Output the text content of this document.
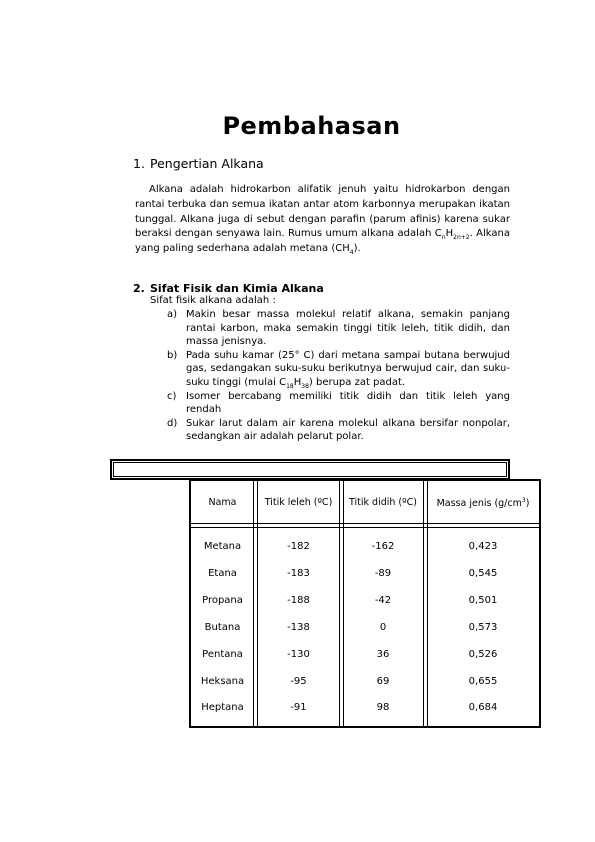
Pembahasan
1. Pengertian Alkana
Alkana adalah hidrokarbon alifatik jenuh yaitu hidrokarbon dengan rantai terbuka dan semua ikatan antar atom karbonnya merupakan ikatan tunggal. Alkana juga di sebut dengan parafin (parum afinis) karena sukar beraksi dengan senyawa lain. Rumus umum alkana adalah $C_nH_{2n+2}$. Alkana yang paling sederhana adalah metana $(CH_4)$.
2. Sifat Fisik dan Kimia Alkana
Sifat fisik alkana adalah :
a) Makin besar massa molekul relatif alkana, semakin panjang rantai karbon, maka semakin tinggi titik leleh, titik didih, dan massa jenisnya.
b) Pada suhu kamar (25° C) dari metana sampai butana berwujud gas, sedangakan suku-suku berikutnya berwujud cair, dan suku-suku tinggi (mulai $C_{18}H_{38}$) berupa zat padat.
c) Isomer bercabang memiliki titik didih dan titik leleh yang rendah
d) Sukar larut dalam air karena molekul alkana bersifar nonpolar, sedangkan air adalah pelarut polar.
Nama	Titik leleh (ºC)	Titik didih (ºC)	Massa jenis $(g/cm^3)$
Metana	-182	-162	0,423
Etana	-183	-89	0,545
Propana	-188	-42	0,501
Butana	-138	0	0,573
Pentana	-130	36	0,526
Heksana	-95	69	0,655
Heptana	-91	98	0,684
